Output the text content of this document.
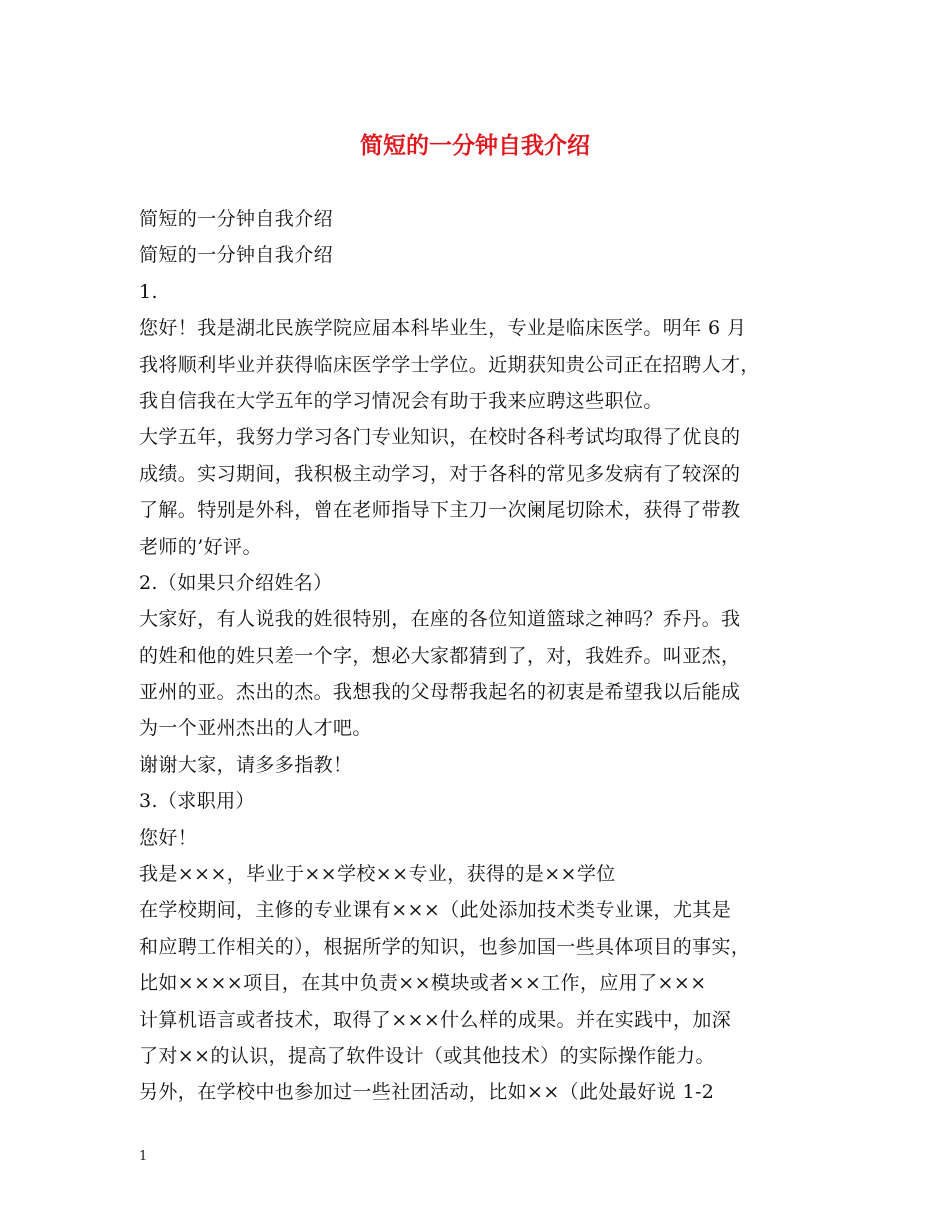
简短的一分钟自我介绍
简短的一分钟自我介绍
简短的一分钟自我介绍
1.
您好！我是湖北民族学院应届本科毕业生，专业是临床医学。明年 6 月
我将顺利毕业并获得临床医学学士学位。近期获知贵公司正在招聘人才，
我自信我在大学五年的学习情况会有助于我来应聘这些职位。
大学五年，我努力学习各门专业知识，在校时各科考试均取得了优良的
成绩。实习期间，我积极主动学习，对于各科的常见多发病有了较深的
了解。特别是外科，曾在老师指导下主刀一次阑尾切除术，获得了带教
老师的’好评。
2.（如果只介绍姓名）
大家好，有人说我的姓很特别，在座的各位知道篮球之神吗？乔丹。我
的姓和他的姓只差一个字，想必大家都猜到了，对，我姓乔。叫亚杰，
亚州的亚。杰出的杰。我想我的父母帮我起名的初衷是希望我以后能成
为一个亚州杰出的人才吧。
谢谢大家，请多多指教！
3.（求职用）
您好！
我是×××，毕业于××学校××专业，获得的是××学位
在学校期间，主修的专业课有×××（此处添加技术类专业课，尤其是
和应聘工作相关的），根据所学的知识，也参加国一些具体项目的事实，
比如××××项目，在其中负责××模块或者××工作，应用了×××
计算机语言或者技术，取得了×××什么样的成果。并在实践中，加深
了对××的认识，提高了软件设计（或其他技术）的实际操作能力。
另外，在学校中也参加过一些社团活动，比如××（此处最好说 1-2
1
